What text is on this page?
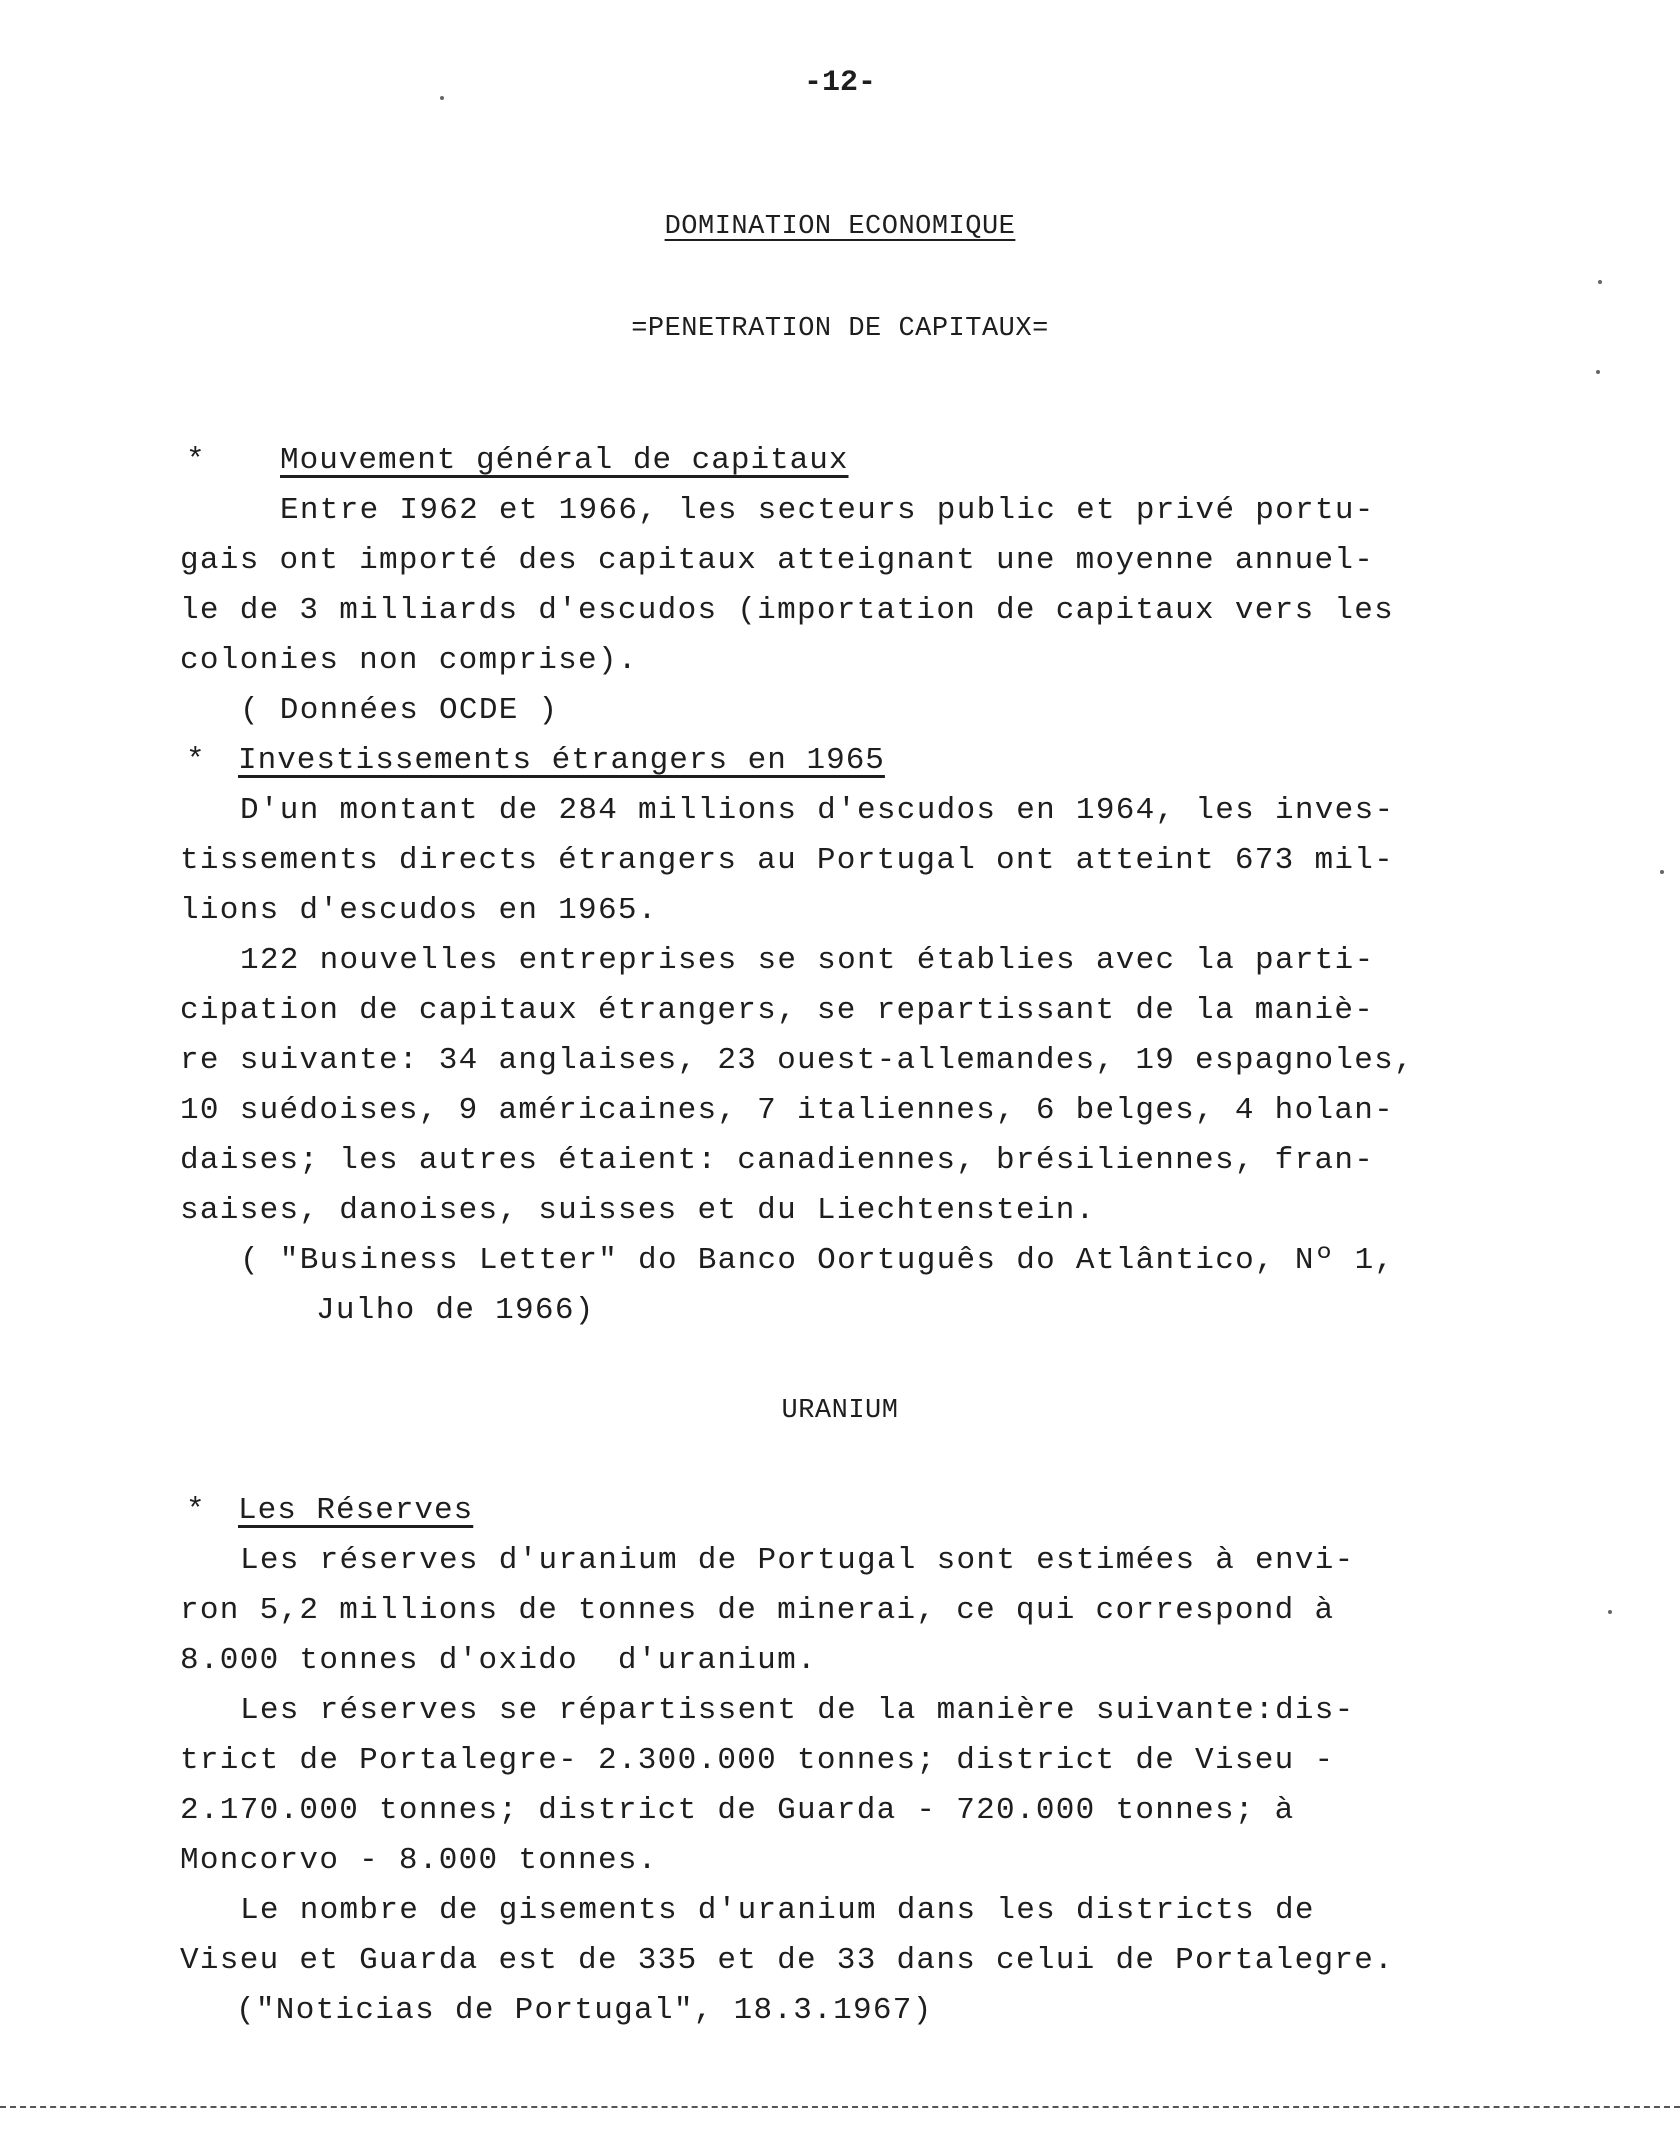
-12-
DOMINATION ECONOMIQUE
=PENETRATION DE CAPITAUX=
* Mouvement général de capitaux
Entre I962 et 1966, les secteurs public et privé portu-
gais ont importé des capitaux atteignant une moyenne annuel-
le de 3 milliards d'escudos (importation de capitaux vers les
colonies non comprise).
( Données OCDE )
* Investissements étrangers en 1965
D'un montant de 284 millions d'escudos en 1964, les inves-
tissements directs étrangers au Portugal ont atteint 673 mil-
lions d'escudos en 1965.
122 nouvelles entreprises se sont établies avec la parti-
cipation de capitaux étrangers, se repartissant de la maniè-
re suivante: 34 anglaises, 23 ouest-allemandes, 19 espagnoles,
10 suédoises, 9 américaines, 7 italiennes, 6 belges, 4 holan-
daises; les autres étaient: canadiennes, brésiliennes, fran-
saises, danoises, suisses et du Liechtenstein.
( "Business Letter" do Banco Oortuguês do Atlântico, Nº 1,
Julho de 1966)
URANIUM
* Les Réserves
Les réserves d'uranium de Portugal sont estimées à envi-
ron 5,2 millions de tonnes de minerai, ce qui correspond à
8.000 tonnes d'oxido  d'uranium.
Les réserves se répartissent de la manière suivante:dis-
trict de Portalegre- 2.300.000 tonnes; district de Viseu -
2.170.000 tonnes; district de Guarda - 720.000 tonnes; à
Moncorvo - 8.000 tonnes.
Le nombre de gisements d'uranium dans les districts de
Viseu et Guarda est de 335 et de 33 dans celui de Portalegre.
("Noticias de Portugal", 18.3.1967)
